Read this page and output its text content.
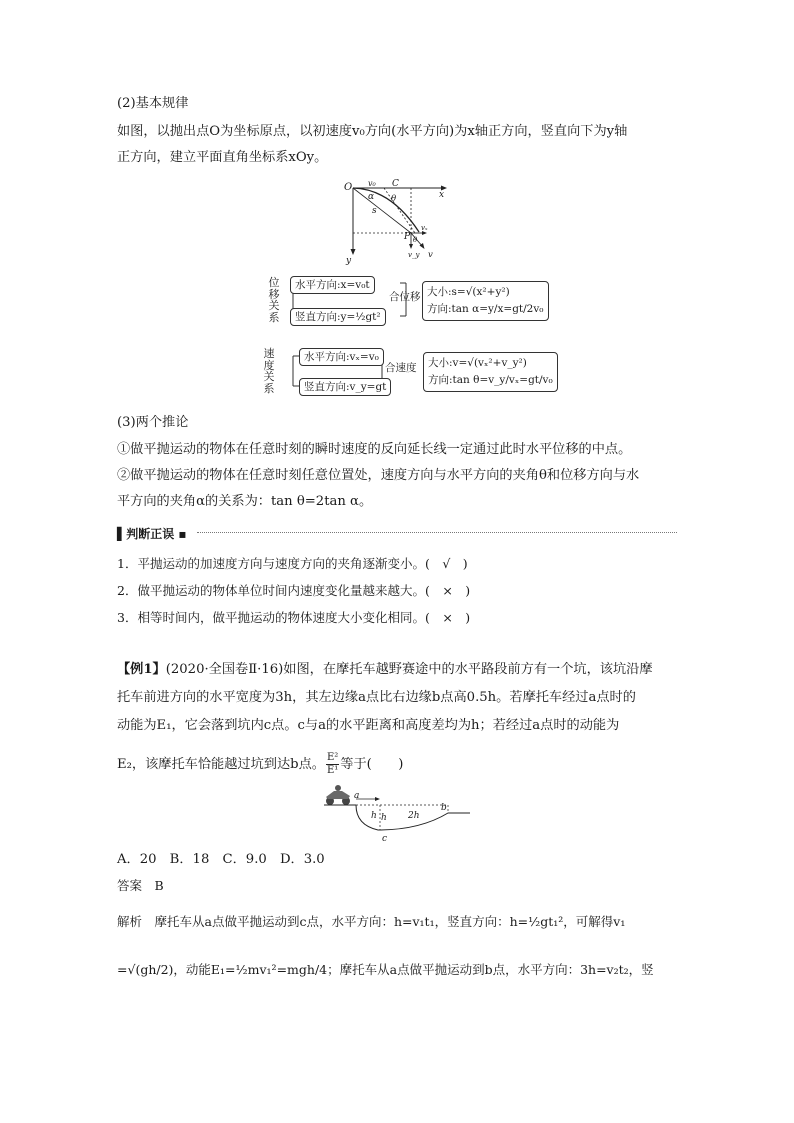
(2)基本规律
如图，以抛出点O为坐标原点，以初速度v₀方向(水平方向)为x轴正方向，竖直向下为y轴
正方向，建立平面直角坐标系xOy。
O v₀ C
x
α θ
s
P
vₓ
θ
v_y v
y
位移关系
水平方向:x=v₀t
竖直方向:y=½gt²
合位移 大小:s=√(x²+y²)
方向:tan α=y/x=gt/2v₀
速度关系
水平方向:vₓ=v₀
竖直方向:v_y=gt
合速度 大小:v=√(vₓ²+v_y²)
方向:tan θ=v_y/vₓ=gt/v₀
(3)两个推论
①做平抛运动的物体在任意时刻的瞬时速度的反向延长线一定通过此时水平位移的中点。
②做平抛运动的物体在任意时刻任意位置处，速度方向与水平方向的夹角θ和位移方向与水
平方向的夹角α的关系为：tan θ=2tan α。
▌判断正误 ▪
1．平抛运动的加速度方向与速度方向的夹角逐渐变小。(　√　)
2．做平抛运动的物体单位时间内速度变化量越来越大。(　×　)
3．相等时间内，做平抛运动的物体速度大小变化相同。(　×　)
【例1】(2020·全国卷Ⅱ·16)如图，在摩托车越野赛途中的水平路段前方有一个坑，该坑沿摩
托车前进方向的水平宽度为3h，其左边缘a点比右边缘b点高0.5h。若摩托车经过a点时的
动能为E₁，它会落到坑内c点。c与a的水平距离和高度差均为h；若经过a点时的动能为
E₂，该摩托车恰能越过坑到达b点。 $\frac{\text{E²}}{\text{E¹}}$ 等于(　　)
a
h h 2h
b
c
A．20　B．18　C．9.0　D．3.0
答案　B
解析　摩托车从a点做平抛运动到c点，水平方向：h=v₁t₁，竖直方向：h=½gt₁²，可解得v₁
=√(gh/2)，动能E₁=½mv₁²=mgh/4；摩托车从a点做平抛运动到b点，水平方向：3h=v₂t₂，竖
